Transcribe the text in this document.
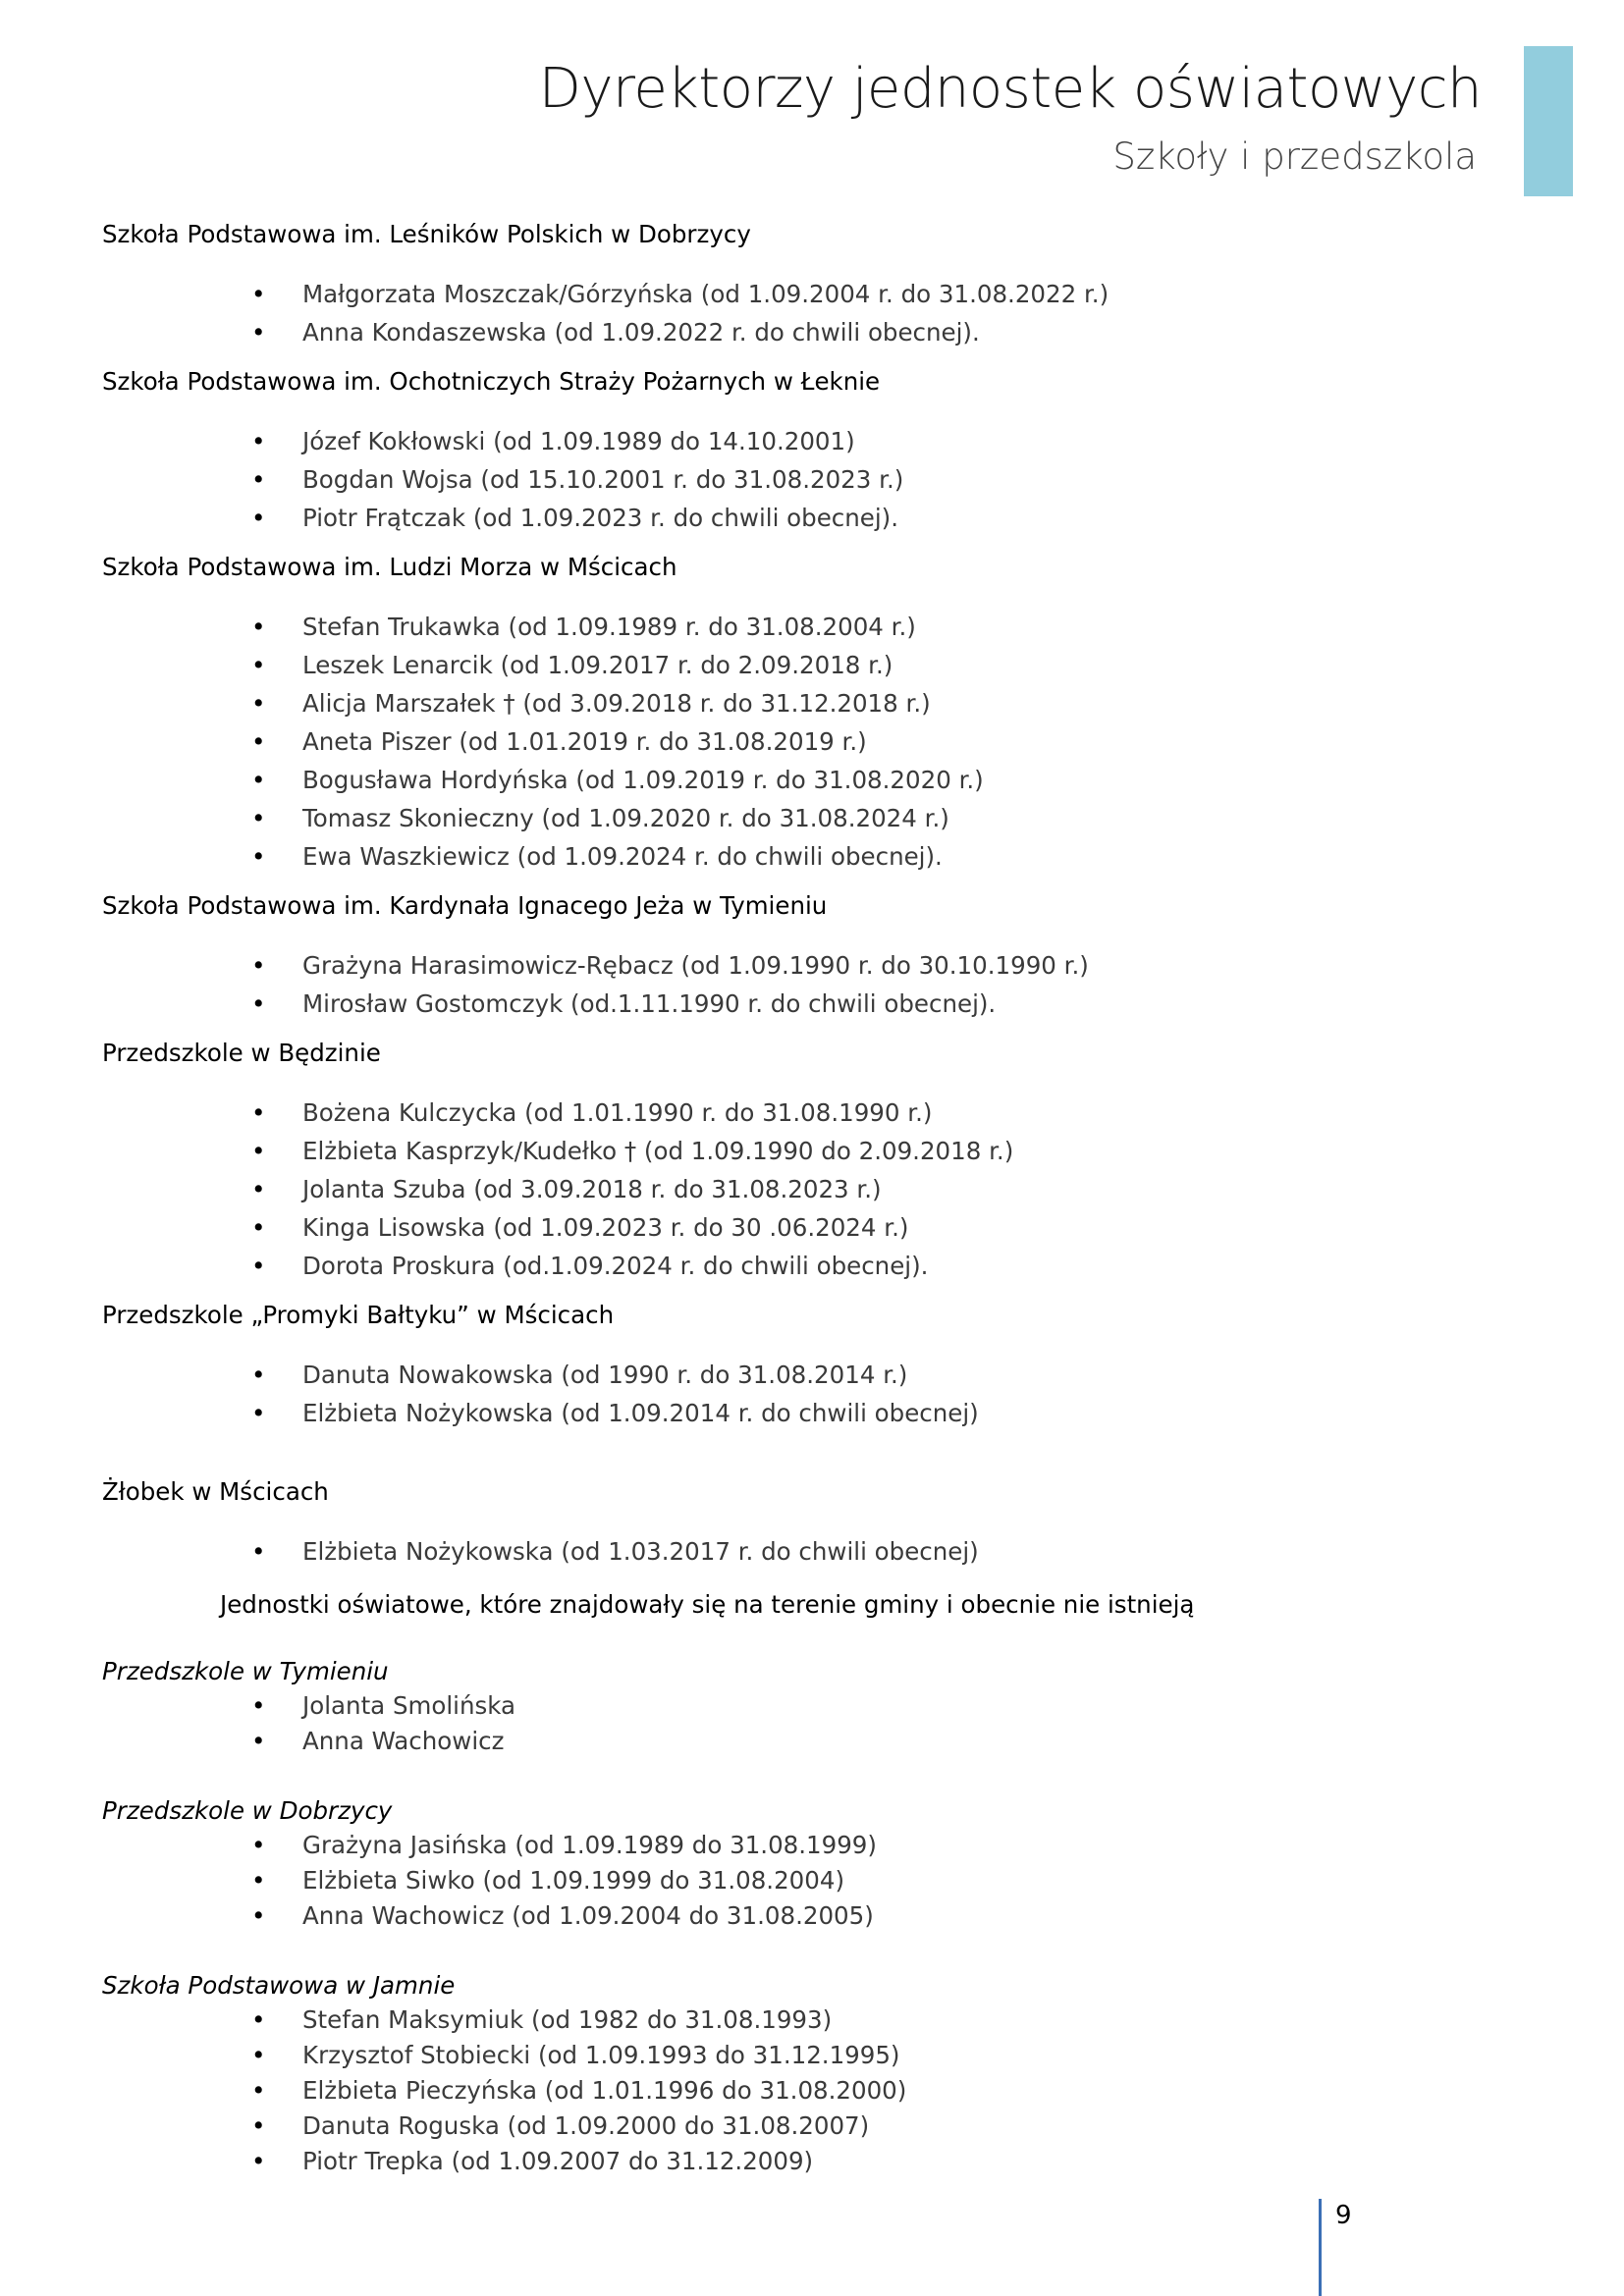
Dyrektorzy jednostek oświatowych
Szkoły i przedszkola
Szkoła Podstawowa im. Leśników Polskich w Dobrzycy
• Małgorzata Moszczak/Górzyńska (od 1.09.2004 r. do 31.08.2022 r.)
• Anna Kondaszewska (od 1.09.2022 r. do chwili obecnej).
Szkoła Podstawowa im. Ochotniczych Straży Pożarnych w Łeknie
• Józef Kokłowski (od 1.09.1989 do 14.10.2001)
• Bogdan Wojsa (od 15.10.2001 r. do 31.08.2023 r.)
• Piotr Frątczak (od 1.09.2023 r. do chwili obecnej).
Szkoła Podstawowa im. Ludzi Morza w Mścicach
• Stefan Trukawka (od 1.09.1989 r. do 31.08.2004 r.)
• Leszek Lenarcik (od 1.09.2017 r. do 2.09.2018 r.)
• Alicja Marszałek † (od 3.09.2018 r. do 31.12.2018 r.)
• Aneta Piszer (od 1.01.2019 r. do 31.08.2019 r.)
• Bogusława Hordyńska (od 1.09.2019 r. do 31.08.2020 r.)
• Tomasz Skonieczny (od 1.09.2020 r. do 31.08.2024 r.)
• Ewa Waszkiewicz (od 1.09.2024 r. do chwili obecnej).
Szkoła Podstawowa im. Kardynała Ignacego Jeża w Tymieniu
• Grażyna Harasimowicz-Rębacz (od 1.09.1990 r. do 30.10.1990 r.)
• Mirosław Gostomczyk (od.1.11.1990 r. do chwili obecnej).
Przedszkole w Będzinie
• Bożena Kulczycka (od 1.01.1990 r. do 31.08.1990 r.)
• Elżbieta Kasprzyk/Kudełko † (od 1.09.1990 do 2.09.2018 r.)
• Jolanta Szuba (od 3.09.2018 r. do 31.08.2023 r.)
• Kinga Lisowska (od 1.09.2023 r. do 30 .06.2024 r.)
• Dorota Proskura (od.1.09.2024 r. do chwili obecnej).
Przedszkole „Promyki Bałtyku” w Mścicach
• Danuta Nowakowska (od 1990 r. do 31.08.2014 r.)
• Elżbieta Nożykowska (od 1.09.2014 r. do chwili obecnej)
Żłobek w Mścicach
• Elżbieta Nożykowska (od 1.03.2017 r. do chwili obecnej)
Jednostki oświatowe, które znajdowały się na terenie gminy i obecnie nie istnieją
Przedszkole w Tymieniu
• Jolanta Smolińska
• Anna Wachowicz
Przedszkole w Dobrzycy
• Grażyna Jasińska (od 1.09.1989 do 31.08.1999)
• Elżbieta Siwko (od 1.09.1999 do 31.08.2004)
• Anna Wachowicz (od 1.09.2004 do 31.08.2005)
Szkoła Podstawowa w Jamnie
• Stefan Maksymiuk (od 1982 do 31.08.1993)
• Krzysztof Stobiecki (od 1.09.1993 do 31.12.1995)
• Elżbieta Pieczyńska (od 1.01.1996 do 31.08.2000)
• Danuta Roguska (od 1.09.2000 do 31.08.2007)
• Piotr Trepka (od 1.09.2007 do 31.12.2009)
9
